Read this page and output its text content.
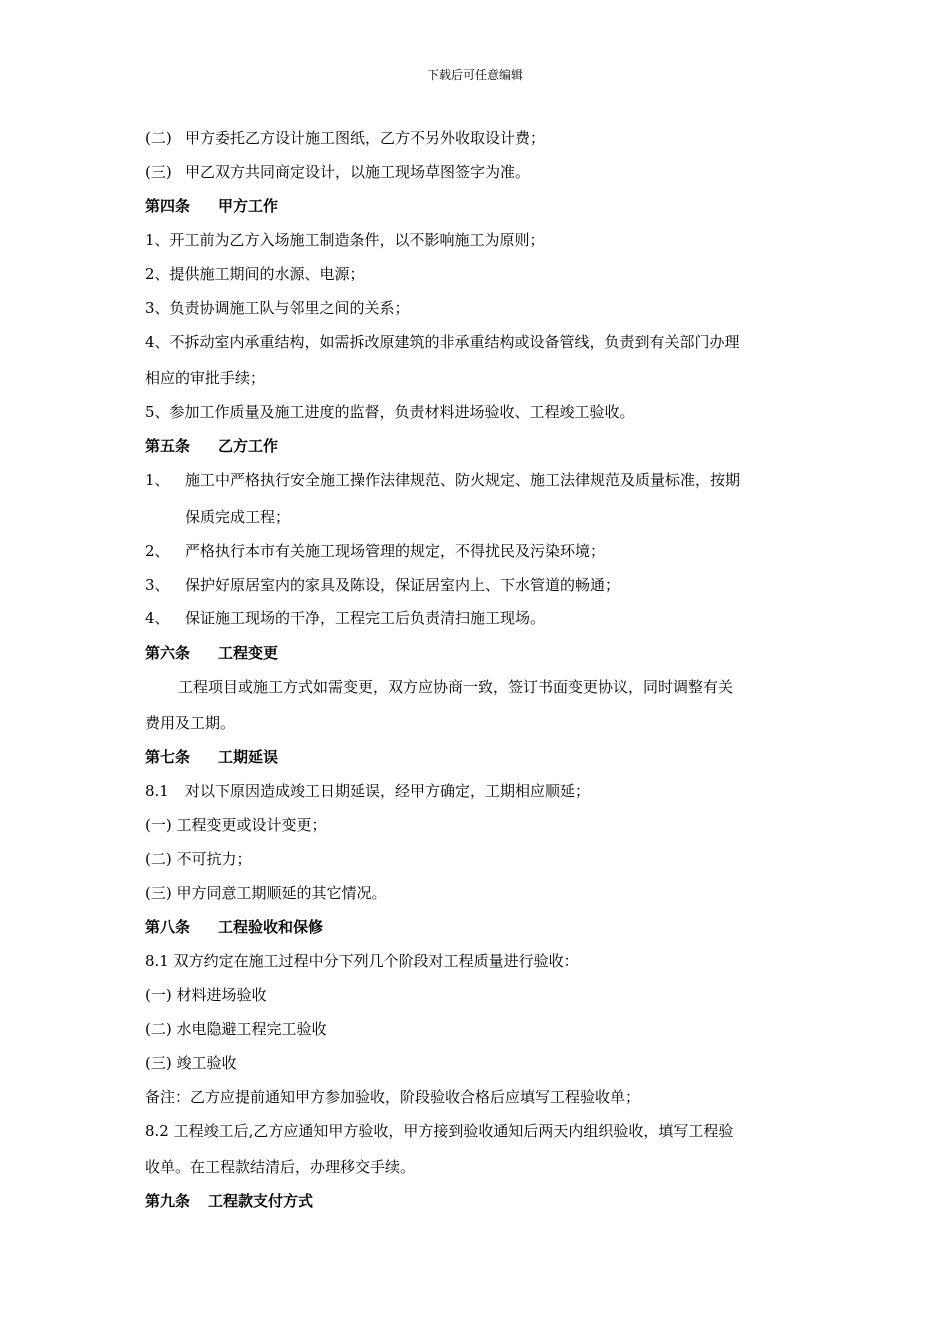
下载后可任意编辑
(二) 甲方委托乙方设计施工图纸，乙方不另外收取设计费；
(三) 甲乙双方共同商定设计，以施工现场草图签字为准。
第四条 甲方工作
1、开工前为乙方入场施工制造条件，以不影响施工为原则；
2、提供施工期间的水源、电源；
3、负责协调施工队与邻里之间的关系；
4、不拆动室内承重结构，如需拆改原建筑的非承重结构或设备管线，负责到有关部门办理
相应的审批手续；
5、参加工作质量及施工进度的监督，负责材料进场验收、工程竣工验收。
第五条 乙方工作
1、 施工中严格执行安全施工操作法律规范、防火规定、施工法律规范及质量标准，按期
保质完成工程；
2、 严格执行本市有关施工现场管理的规定，不得扰民及污染环境；
3、 保护好原居室内的家具及陈设，保证居室内上、下水管道的畅通；
4、 保证施工现场的干净，工程完工后负责清扫施工现场。
第六条 工程变更
工程项目或施工方式如需变更，双方应协商一致，签订书面变更协议，同时调整有关
费用及工期。
第七条 工期延误
8.1 对以下原因造成竣工日期延误，经甲方确定，工期相应顺延；
(一) 工程变更或设计变更；
(二) 不可抗力；
(三) 甲方同意工期顺延的其它情况。
第八条 工程验收和保修
8.1 双方约定在施工过程中分下列几个阶段对工程质量进行验收：
(一) 材料进场验收
(二) 水电隐避工程完工验收
(三) 竣工验收
备注：乙方应提前通知甲方参加验收，阶段验收合格后应填写工程验收单；
8.2 工程竣工后,乙方应通知甲方验收，甲方接到验收通知后两天内组织验收，填写工程验
收单。在工程款结清后，办理移交手续。
第九条 工程款支付方式
